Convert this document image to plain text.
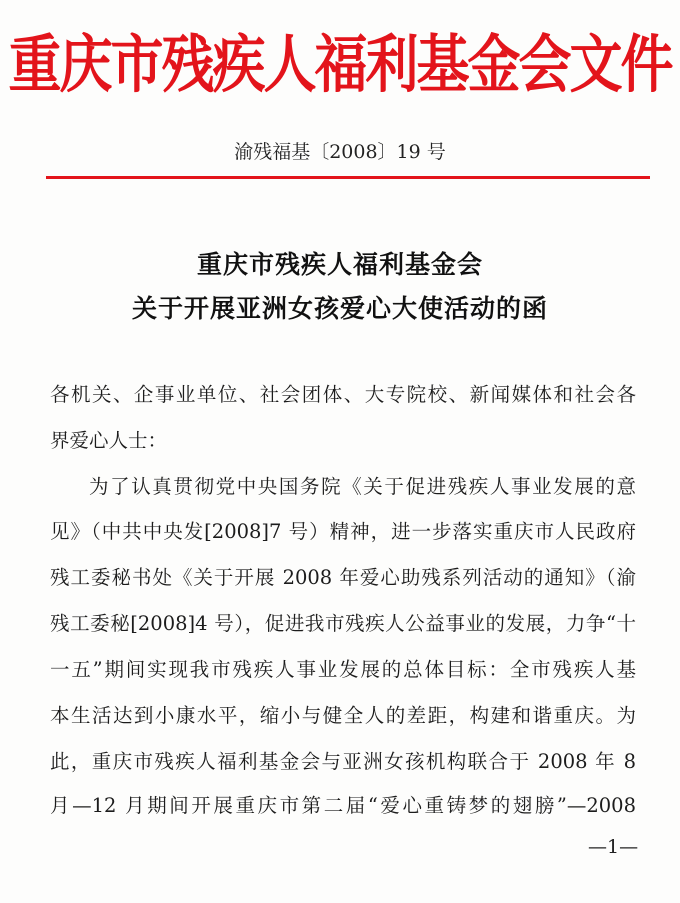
重庆市残疾人福利基金会文件
渝残福基〔2008〕19 号
重庆市残疾人福利基金会
关于开展亚洲女孩爱心大使活动的函
各机关、企事业单位、社会团体、大专院校、新闻媒体和社会各
界爱心人士：
为了认真贯彻党中央国务院《关于促进残疾人事业发展的意
见》（中共中央发[2008]7 号）精神，进一步落实重庆市人民政府
残工委秘书处《关于开展 2008 年爱心助残系列活动的通知》（渝
残工委秘[2008]4 号），促进我市残疾人公益事业的发展，力争“十
一五”期间实现我市残疾人事业发展的总体目标：全市残疾人基
本生活达到小康水平，缩小与健全人的差距，构建和谐重庆。为
此，重庆市残疾人福利基金会与亚洲女孩机构联合于 2008 年 8
月—12 月期间开展重庆市第二届“爱心重铸梦的翅膀”—2008
—1—
